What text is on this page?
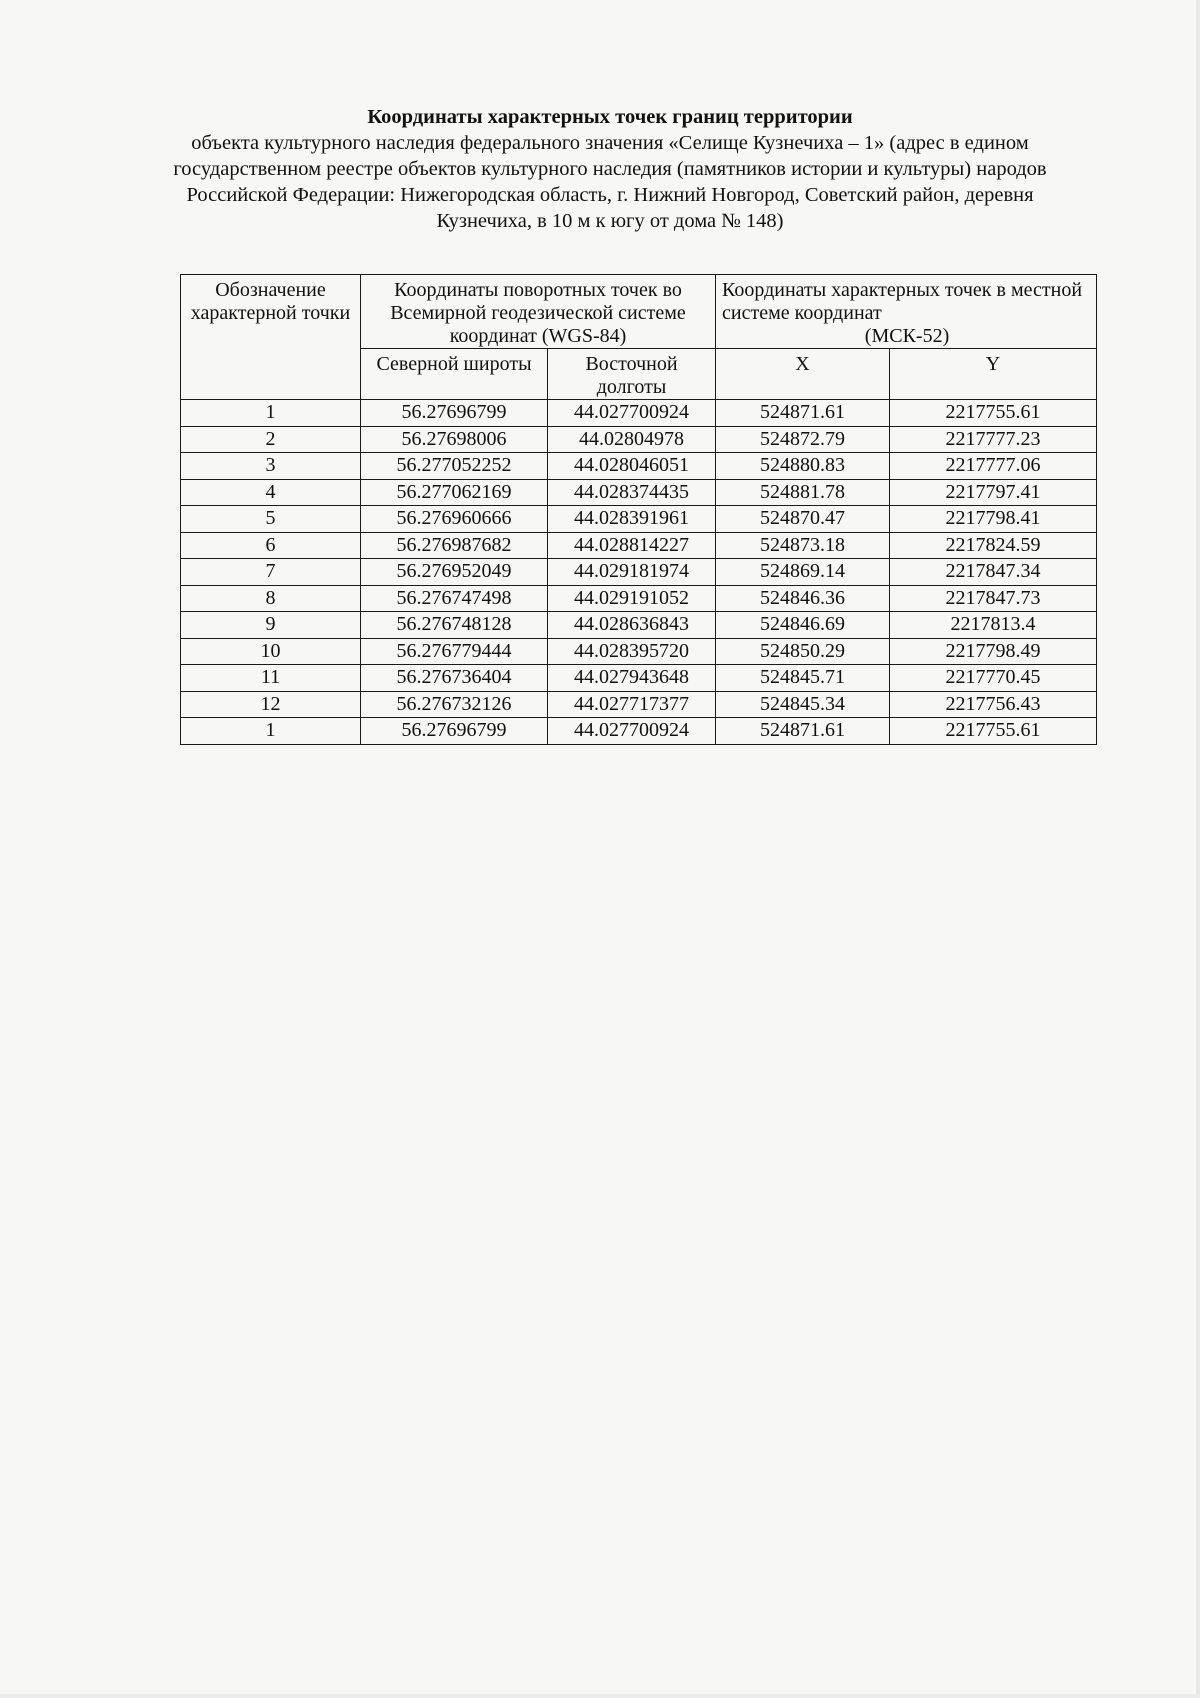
Координаты характерных точек границ территории
объекта культурного наследия федерального значения «Селище Кузнечиха – 1» (адрес в едином государственном реестре объектов культурного наследия (памятников истории и культуры) народов Российской Федерации: Нижегородская область, г. Нижний Новгород, Советский район, деревня Кузнечиха, в 10 м к югу от дома № 148)
Обозначение характерной точки	Координаты поворотных точек во Всемирной геодезической системе координат (WGS-84)		Координаты характерных точек в местной системе координат

(МСК-52)	

	Северной широты	Восточной долготы	X	Y
1	56.27696799	44.027700924	524871.61	2217755.61
2	56.27698006	44.02804978	524872.79	2217777.23
3	56.277052252	44.028046051	524880.83	2217777.06
4	56.277062169	44.028374435	524881.78	2217797.41
5	56.276960666	44.028391961	524870.47	2217798.41
6	56.276987682	44.028814227	524873.18	2217824.59
7	56.276952049	44.029181974	524869.14	2217847.34
8	56.276747498	44.029191052	524846.36	2217847.73
9	56.276748128	44.028636843	524846.69	2217813.4
10	56.276779444	44.028395720	524850.29	2217798.49
11	56.276736404	44.027943648	524845.71	2217770.45
12	56.276732126	44.027717377	524845.34	2217756.43
1	56.27696799	44.027700924	524871.61	2217755.61
